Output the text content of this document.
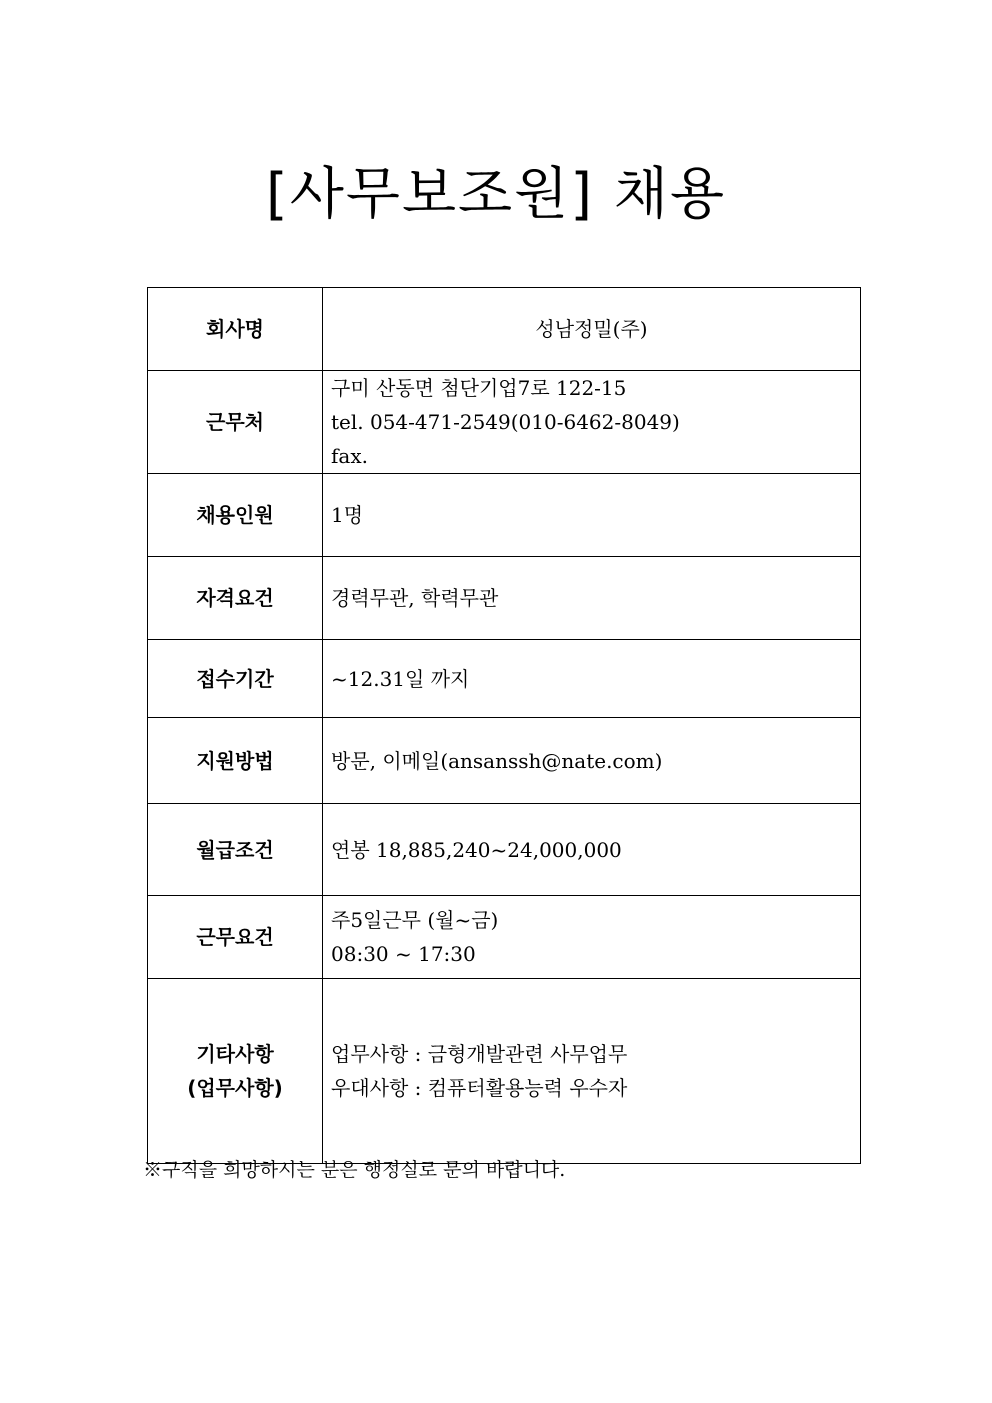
[사무보조원] 채용
회사명	성남정밀(주)

근무처	구미 산동면 첨단기업7로 122-15
tel. 054-471-2549(010-6462-8049)
fax.

채용인원	1명

자격요건	경력무관, 학력무관

접수기간	~12.31일 까지

지원방법	방문, 이메일(ansanssh@nate.com)

월급조건	연봉 18,885,240~24,000,000

근무요건	주5일근무 (월~금)
08:30 ~ 17:30

기타사항
(업무사항)	업무사항 : 금형개발관련 사무업무
우대사항 : 컴퓨터활용능력 우수자
※구직을 희망하시는 분은 행정실로 문의 바랍니다.
